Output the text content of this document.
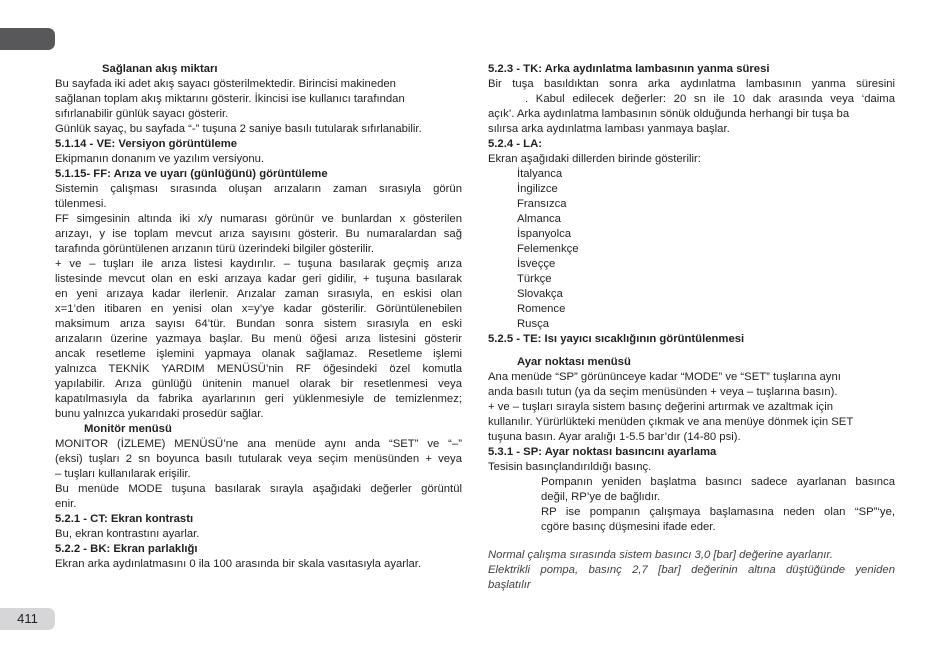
411

Sağlanan akış miktarı

Bu sayfada iki adet akış sayacı gösterilmektedir. Birincisi makineden

sağlanan toplam akış miktarını gösterir. İkincisi ise kullanıcı tarafından

sıfırlanabilir günlük sayacı gösterir.

Günlük sayaç, bu sayfada “-” tuşuna 2 saniye basılı tutularak sıfırlanabilir.

5.1.14 - VE: Versiyon görüntüleme

Ekipmanın donanım ve yazılım versiyonu.

5.1.15- FF: Arıza ve uyarı (günlüğünü) görüntüleme

Sistemin çalışması sırasında oluşan arızaların zaman sırasıyla görün

tülenmesi.

FF simgesinin altında iki x/y numarası görünür ve bunlardan x gösterilen

arızayı, y ise toplam mevcut arıza sayısını gösterir. Bu numaralardan sağ

tarafında görüntülenen arızanın türü üzerindeki bilgiler gösterilir.

+ ve – tuşları ile arıza listesi kaydırılır. – tuşuna basılarak geçmiş arıza

listesinde mevcut olan en eski arızaya kadar geri gidilir, + tuşuna basılarak

en yeni arızaya kadar ilerlenir. Arızalar zaman sırasıyla, en eskisi olan

x=1’den itibaren en yenisi olan x=y’ye kadar gösterilir. Görüntülenebilen

maksimum arıza sayısı 64’tür. Bundan sonra sistem sırasıyla en eski

arızaların üzerine yazmaya başlar. Bu menü öğesi arıza listesini gösterir

ancak resetleme işlemini yapmaya olanak sağlamaz. Resetleme işlemi

yalnızca TEKNİK YARDIM MENÜSÜ’nin RF öğesindeki özel komutla

yapılabilir. Arıza günlüğü ünitenin manuel olarak bir resetlenmesi veya

kapatılmasıyla da fabrika ayarlarının geri yüklenmesiyle de temizlenmez;

bunu yalnızca yukarıdaki prosedür sağlar.

Monitör menüsü

MONITOR (İZLEME) MENÜSÜ’ne ana menüde aynı anda “SET” ve “–”

(eksi) tuşları 2 sn boyunca basılı tutularak veya seçim menüsünden + veya

– tuşları kullanılarak erişilir.

Bu menüde MODE tuşuna basılarak sırayla aşağıdaki değerler görüntül

enir.

5.2.1 - CT: Ekran kontrastı

Bu, ekran kontrastını ayarlar.

5.2.2 - BK: Ekran parlaklığı

Ekran arka aydınlatmasını 0 ila 100 arasında bir skala vasıtasıyla ayarlar.

5.2.3 - TK: Arka aydınlatma lambasının yanma süresi

Bir tuşa basıldıktan sonra arka aydınlatma lambasının yanma süresini

. Kabul edilecek değerler: 20 sn ile 10 dak arasında veya ‘daima

açık’. Arka aydınlatma lambasının sönük olduğunda herhangi bir tuşa ba

sılırsa arka aydınlatma lambası yanmaya başlar.

5.2.4 - LA:

Ekran aşağıdaki dillerden birinde gösterilir:

İtalyanca
İngilizce
Fransızca
Almanca
İspanyolca
Felemenkçe
İsveççe
Türkçe
Slovakça
Romence
Rusça

5.2.5 - TE: Isı yayıcı sıcaklığının görüntülenmesi

Ayar noktası menüsü

Ana menüde “SP” görününceye kadar “MODE” ve “SET” tuşlarına aynı

anda basılı tutun (ya da seçim menüsünden + veya – tuşlarına basın).

+ ve – tuşları sırayla sistem basınç değerini artırmak ve azaltmak için

kullanılır. Yürürlükteki menüden çıkmak ve ana menüye dönmek için SET

tuşuna basın. Ayar aralığı 1-5.5 bar’dır (14-80 psi).

5.3.1 - SP: Ayar noktası basıncını ayarlama

Tesisin basınçlandırıldığı basınç.

Pompanın yeniden başlatma basıncı sadece ayarlanan basınca

değil, RP’ye de bağlıdır.

RP ise pompanın çalışmaya başlamasına neden olan “SP”‘ye,

cgöre basınç düşmesini ifade eder.

Normal çalışma sırasında sistem basıncı 3,0 [bar] değerine ayarlanır.

Elektrikli pompa, basınç 2,7 [bar] değerinin altına düştüğünde yeniden

başlatılır
